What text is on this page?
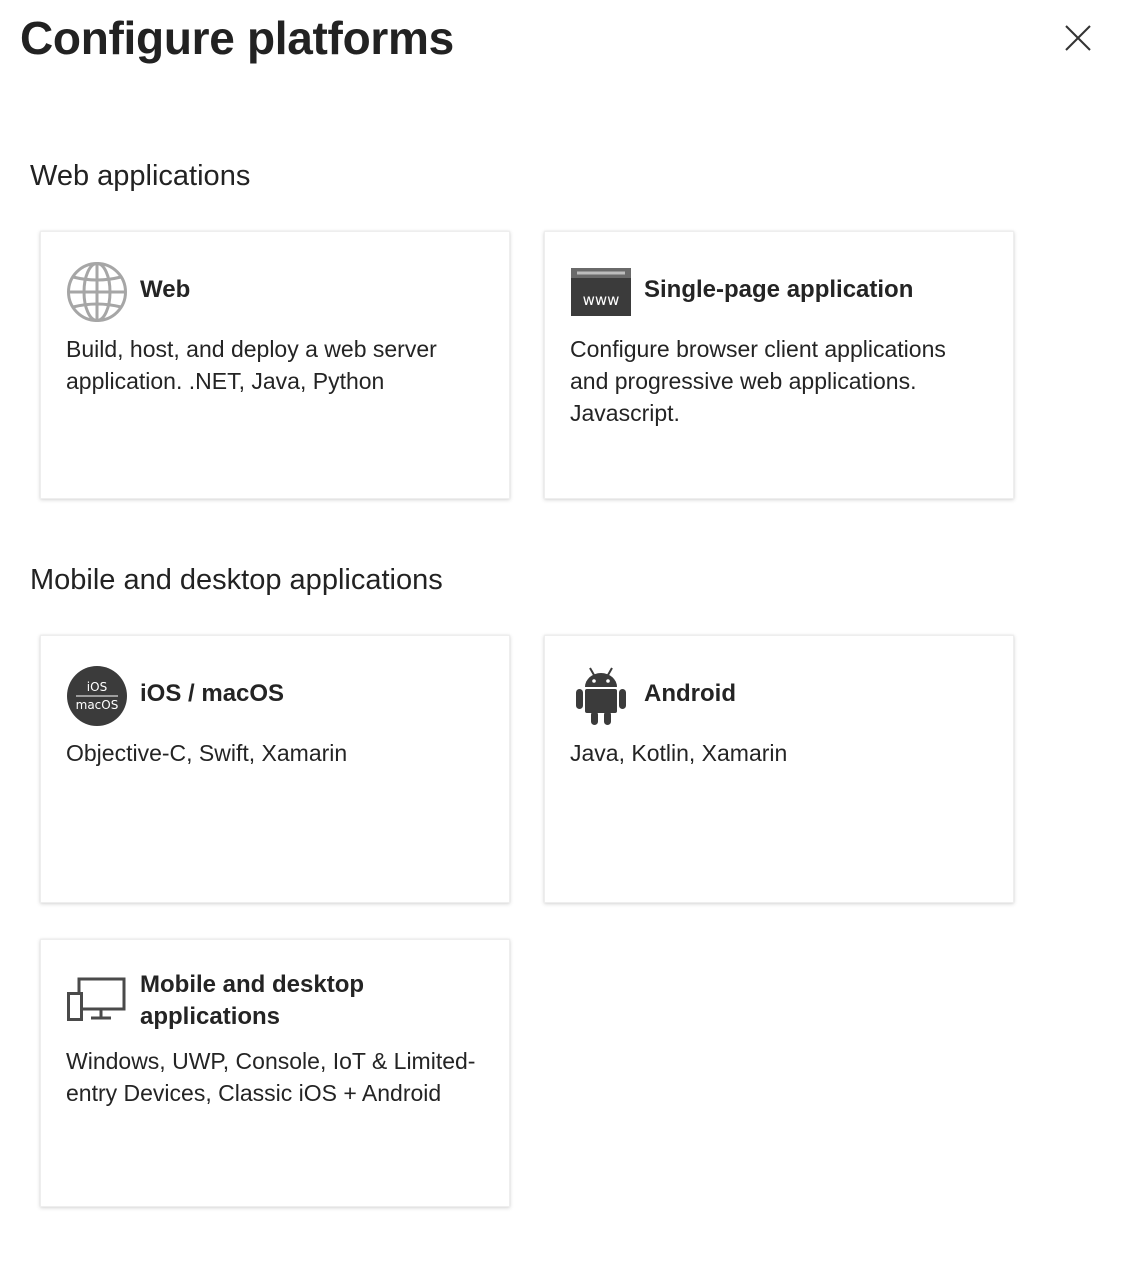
Configure platforms
Web applications
Web

Build, host, and deploy a web server application. .NET, Java, Python

www Single-page application

Configure browser client applications and progressive web applications. Javascript.

Mobile and desktop applications
iOS
macOS iOS / macOS

Objective-C, Swift, Xamarin

Android

Java, Kotlin, Xamarin

Mobile and desktop applications

Windows, UWP, Console, IoT & Limited-entry Devices, Classic iOS + Android
